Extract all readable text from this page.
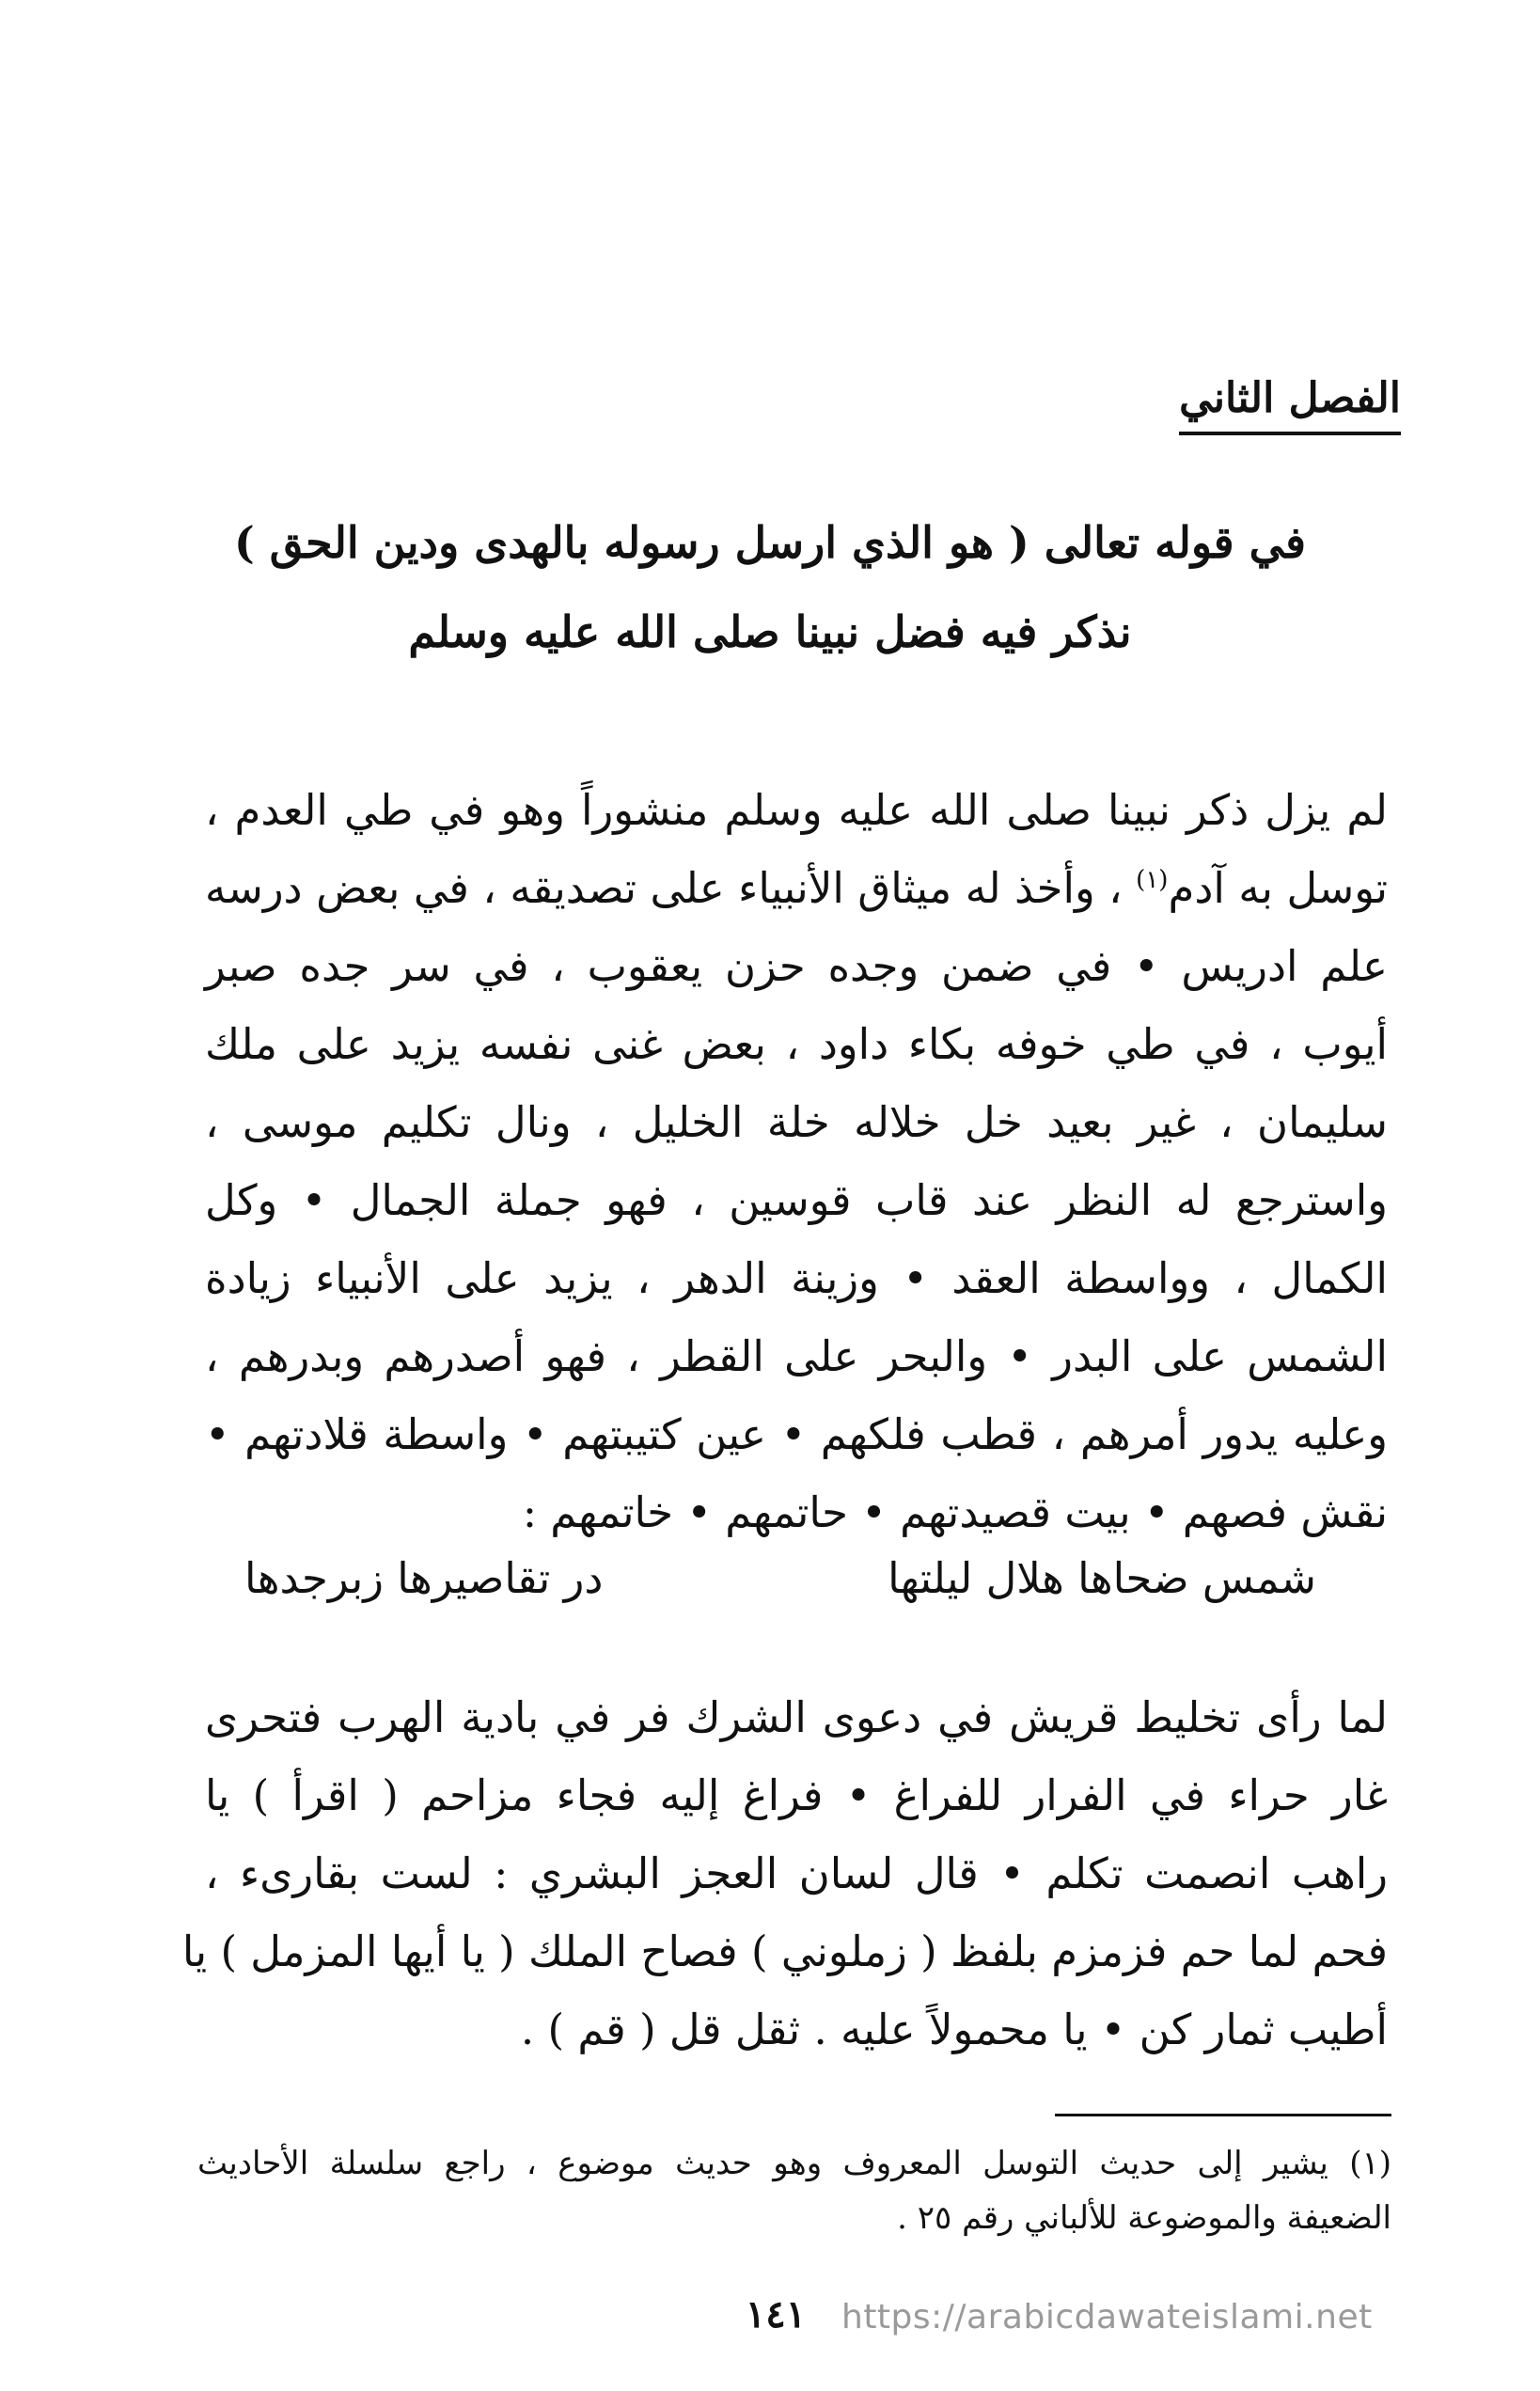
الفصل الثاني
في قوله تعالى ( هو الذي ارسل رسوله بالهدى ودين الحق )
نذكر فيه فضل نبينا صلى الله عليه وسلم
لم يزل ذكر نبينا صلى الله عليه وسلم منشوراً وهو في طي العدم ،
توسل به آدم$^{(١)}$ ، وأخذ له ميثاق الأنبياء على تصديقه ، في بعض درسه
علم ادريس • في ضمن وجده حزن يعقوب ، في سر جده صبر
أيوب ، في طي خوفه بكاء داود ، بعض غنى نفسه يزيد على ملك
سليمان ، غير بعيد خل خلاله خلة الخليل ، ونال تكليم موسى ،
واسترجع له النظر عند قاب قوسين ، فهو جملة الجمال • وكل
الكمال ، وواسطة العقد • وزينة الدهر ، يزيد على الأنبياء زيادة
الشمس على البدر • والبحر على القطر ، فهو أصدرهم وبدرهم ،
وعليه يدور أمرهم ، قطب فلكهم • عين كتيبتهم • واسطة قلادتهم •
نقش فصهم • بيت قصيدتهم • حاتمهم • خاتمهم :
شمس ضحاها هلال ليلتها
در تقاصيرها زبرجدها
لما رأى تخليط قريش في دعوى الشرك فر في بادية الهرب فتحرى
غار حراء في الفرار للفراغ • فراغ إليه فجاء مزاحم ( اقرأ ) يا
راهب انصمت تكلم • قال لسان العجز البشري : لست بقارىء ،
فحم لما حم فزمزم بلفظ ( زملوني ) فصاح الملك ( يا أيها المزمل ) يا
أطيب ثمار كن • يا محمولاً عليه . ثقل قل ( قم ) .
(١) يشير إلى حديث التوسل المعروف وهو حديث موضوع ، راجع سلسلة الأحاديث
الضعيفة والموضوعة للألباني رقم ٢٥ .
١٤١	https://arabicdawateislami.net
